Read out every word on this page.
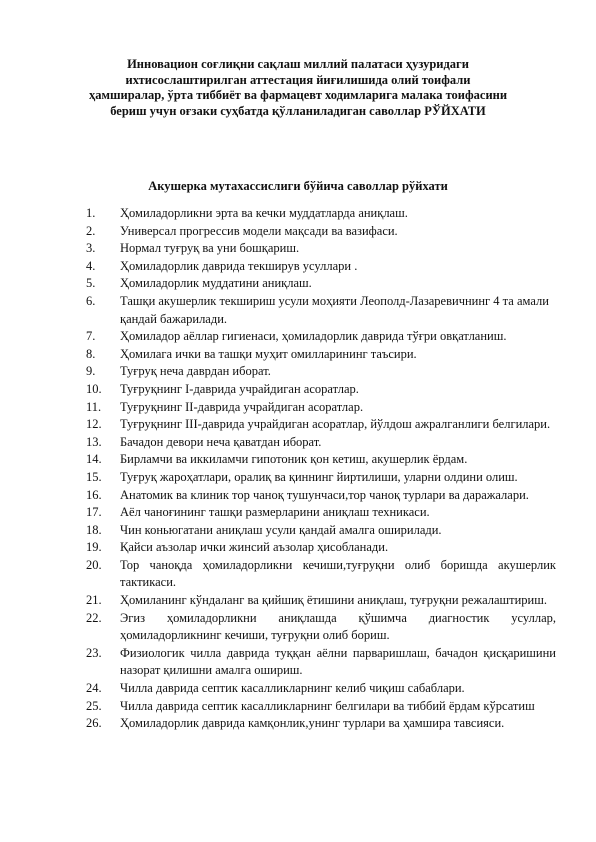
Инновацион соғлиқни сақлаш миллий палатаси ҳузуридаги ихтисослаштирилган аттестация йиғилишида олий тоифали ҳамширалар, ўрта тиббиёт ва фармацевт ходимларига малака тоифасини бериш учун оғзаки суҳбатда қўлланиладиган саволлар РЎЙХАТИ
Акушерка мутахассислиги бўйича саволлар рўйхати
1.	Ҳомиладорликни эрта ва кечки муддатларда аниқлаш.
2.	Универсал прогрессив модели мақсади ва вазифаси.
3.	Нормал туғруқ ва уни бошқариш.
4.	Ҳомиладорлик даврида текширув усуллари .
5.	Ҳомиладорлик муддатини аниқлаш.
6.	Ташқи акушерлик текшириш усули моҳияти Леополд-Лазаревичнинг 4 та амали қандай бажарилади.
7.	Ҳомиладор аёллар гигиенаси, ҳомиладорлик даврида тўғри овқатланиш.
8.	Ҳомилага ички ва ташқи муҳит омилларининг таъсири.
9.	Туғруқ неча даврдан иборат.
10.	Туғруқнинг I-даврида учрайдиган асоратлар.
11.	Туғруқнинг II-даврида учрайдиган асоратлар.
12.	Туғруқнинг III-даврида учрайдиган асоратлар, йўлдош ажралганлиги белгилари.
13.	Бачадон девори неча қаватдан иборат.
14.	Бирламчи ва иккиламчи гипотоник қон кетиш, акушерлик ёрдам.
15.	Туғруқ жароҳатлари, оралиқ ва қиннинг йиртилиши, уларни олдини олиш.
16.	Анатомик ва клиник тор чаноқ тушунчаси,тор чаноқ турлари ва даражалари.
17.	Аёл чаноғининг ташқи размерларини аниқлаш техникаси.
18.	Чин коньюгатани аниқлаш усули қандай амалга оширилади.
19.	Қайси аъзолар ички жинсий аъзолар ҳисобланади.
20.	Тор чаноқда ҳомиладорликни кечиши,туғруқни олиб боришда акушерлик тактикаси.
21.	Ҳомиланинг кўндаланг ва қийшиқ ётишини аниқлаш, туғруқни режалаштириш.
22.	Эгиз ҳомиладорликни аниқлашда қўшимча диагностик усуллар, ҳомиладорликнинг кечиши, туғруқни олиб бориш.
23.	Физиологик чилла даврида туққан аёлни парваришлаш, бачадон қисқаришини назорат қилишни амалга ошириш.
24.	Чилла даврида септик касалликларнинг келиб чиқиш сабаблари.
25.	Чилла даврида септик касалликларнинг белгилари ва тиббий ёрдам кўрсатиш
26.	Ҳомиладорлик даврида камқонлик,унинг турлари ва ҳамшира тавсияси.
